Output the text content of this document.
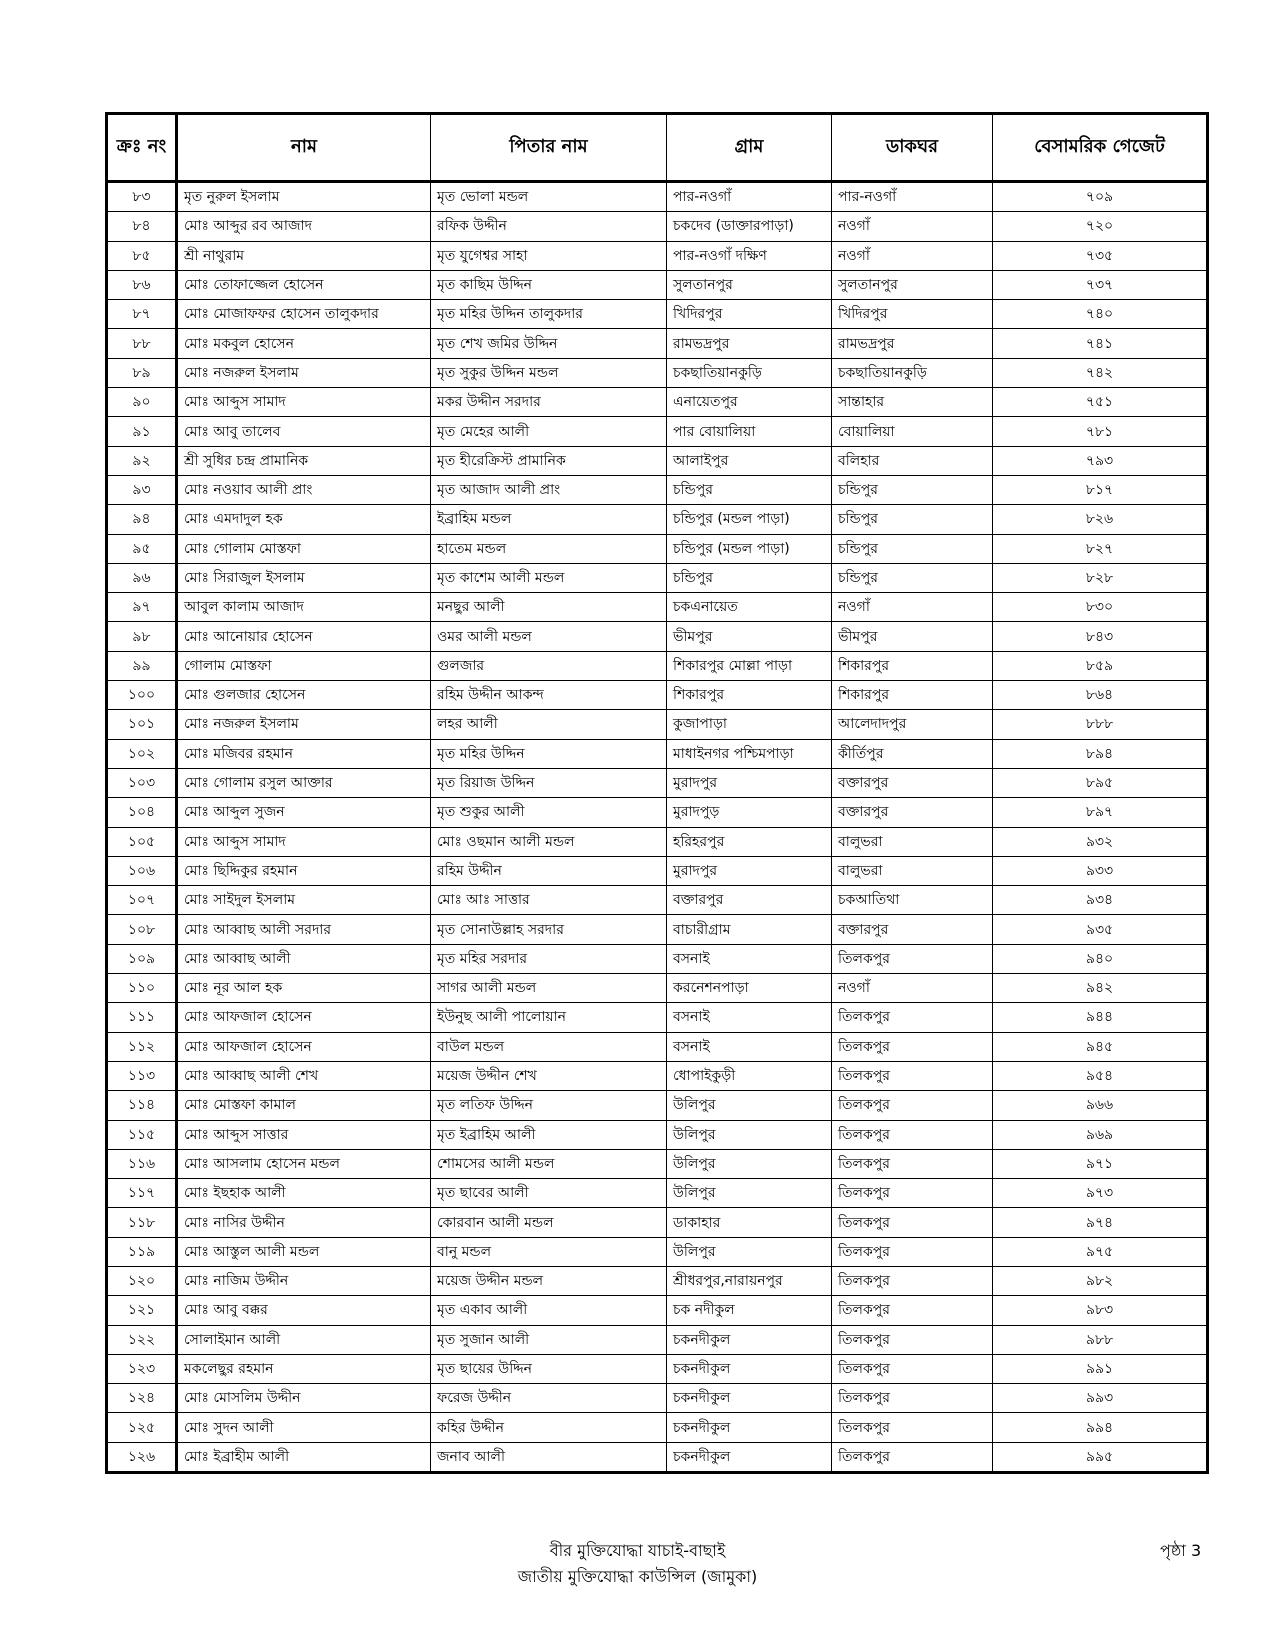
ক্রঃ নং	নাম	পিতার নাম	গ্রাম	ডাকঘর	বেসামরিক গেজেট
৮৩	মৃত নুরুল ইসলাম	মৃত ভোলা মন্ডল	পার-নওগাঁ	পার-নওগাঁ	৭০৯
৮৪	মোঃ আব্দুর রব আজাদ	রফিক উদ্দীন	চকদেব (ডাক্তারপাড়া)	নওগাঁ	৭২০
৮৫	শ্রী নাথুরাম	মৃত যুগেশ্বর সাহা	পার-নওগাঁ দক্ষিণ	নওগাঁ	৭৩৫
৮৬	মোঃ তোফাজ্জেল হোসেন	মৃত কাছিম উদ্দিন	সুলতানপুর	সুলতানপুর	৭৩৭
৮৭	মোঃ মোজাফফর হোসেন তালুকদার	মৃত মহির উদ্দিন তালুকদার	খিদিরপুর	খিদিরপুর	৭৪০
৮৮	মোঃ মকবুল হোসেন	মৃত শেখ জমির উদ্দিন	রামভদ্রপুর	রামভদ্রপুর	৭৪১
৮৯	মোঃ নজরুল ইসলাম	মৃত সুকুর উদ্দিন মন্ডল	চকছাতিয়ানকুড়ি	চকছাতিয়ানকুড়ি	৭৪২
৯০	মোঃ আব্দুস সামাদ	মকর উদ্দীন সরদার	এনায়েতপুর	সান্তাহার	৭৫১
৯১	মোঃ আবু তালেব	মৃত মেহের আলী	পার বোয়ালিয়া	বোয়ালিয়া	৭৮১
৯২	শ্রী সুধির চন্দ্র প্রামানিক	মৃত হীরেক্রিস্ট প্রামানিক	আলাইপুর	বলিহার	৭৯৩
৯৩	মোঃ নওয়াব আলী প্রাং	মৃত আজাদ আলী প্রাং	চন্ডিপুর	চন্ডিপুর	৮১৭
৯৪	মোঃ এমদাদুল হক	ইব্রাহিম মন্ডল	চন্ডিপুর (মন্ডল পাড়া)	চন্ডিপুর	৮২৬
৯৫	মোঃ গোলাম মোস্তফা	হাতেম মন্ডল	চন্ডিপুর (মন্ডল পাড়া)	চন্ডিপুর	৮২৭
৯৬	মোঃ সিরাজুল ইসলাম	মৃত কাশেম আলী মন্ডল	চন্ডিপুর	চন্ডিপুর	৮২৮
৯৭	আবুল কালাম আজাদ	মনছুর আলী	চকএনায়েত	নওগাঁ	৮৩০
৯৮	মোঃ আনোয়ার হোসেন	ওমর আলী মন্ডল	ভীমপুর	ভীমপুর	৮৪৩
৯৯	গোলাম মোস্তফা	গুলজার	শিকারপুর মোল্লা পাড়া	শিকারপুর	৮৫৯
১০০	মোঃ গুলজার হোসেন	রহিম উদ্দীন আকন্দ	শিকারপুর	শিকারপুর	৮৬৪
১০১	মোঃ নজরুল ইসলাম	লহর আলী	কুজাপাড়া	আলেদাদপুর	৮৮৮
১০২	মোঃ মজিবর রহমান	মৃত মহির উদ্দিন	মাধাইনগর পশ্চিমপাড়া	কীর্তিপুর	৮৯৪
১০৩	মোঃ গোলাম রসুল আক্তার	মৃত রিয়াজ উদ্দিন	মুরাদপুর	বক্তারপুর	৮৯৫
১০৪	মোঃ আব্দুল সুজন	মৃত শুকুর আলী	মুরাদপুড়	বক্তারপুর	৮৯৭
১০৫	মোঃ আব্দুস সামাদ	মোঃ ওছমান আলী মন্ডল	হরিহরপুর	বালুভরা	৯৩২
১০৬	মোঃ ছিদ্দিকুর রহমান	রহিম উদ্দীন	মুরাদপুর	বালুভরা	৯৩৩
১০৭	মোঃ সাইদুল ইসলাম	মোঃ আঃ সাত্তার	বক্তারপুর	চকআতিথা	৯৩৪
১০৮	মোঃ আব্বাছ আলী সরদার	মৃত সোনাউল্লাহ সরদার	বাচারীগ্রাম	বক্তারপুর	৯৩৫
১০৯	মোঃ আব্বাছ আলী	মৃত মহির সরদার	বসনাই	তিলকপুর	৯৪০
১১০	মোঃ নূর আল হক	সাগর আলী মন্ডল	করনেশনপাড়া	নওগাঁ	৯৪২
১১১	মোঃ আফজাল হোসেন	ইউনুছ আলী পালোয়ান	বসনাই	তিলকপুর	৯৪৪
১১২	মোঃ আফজাল হোসেন	বাউল মন্ডল	বসনাই	তিলকপুর	৯৪৫
১১৩	মোঃ আব্বাছ আলী শেখ	ময়েজ উদ্দীন শেখ	ধোপাইকুড়ী	তিলকপুর	৯৫৪
১১৪	মোঃ মোস্তফা কামাল	মৃত লতিফ উদ্দিন	উলিপুর	তিলকপুর	৯৬৬
১১৫	মোঃ আব্দুস সাত্তার	মৃত ইব্রাহিম আলী	উলিপুর	তিলকপুর	৯৬৯
১১৬	মোঃ আসলাম হোসেন মন্ডল	শোমসের আলী মন্ডল	উলিপুর	তিলকপুর	৯৭১
১১৭	মোঃ ইছহাক আলী	মৃত ছাবের আলী	উলিপুর	তিলকপুর	৯৭৩
১১৮	মোঃ নাসির উদ্দীন	কোরবান আলী মন্ডল	ডাকাহার	তিলকপুর	৯৭৪
১১৯	মোঃ আস্তুল আলী মন্ডল	বানু মন্ডল	উলিপুর	তিলকপুর	৯৭৫
১২০	মোঃ নাজিম উদ্দীন	ময়েজ উদ্দীন মন্ডল	শ্রীধরপুর,নারায়নপুর	তিলকপুর	৯৮২
১২১	মোঃ আবু বক্কর	মৃত একাব আলী	চক নদীকুল	তিলকপুর	৯৮৩
১২২	সোলাইমান আলী	মৃত সুজান আলী	চকনদীকুল	তিলকপুর	৯৮৮
১২৩	মকলেছুর রহমান	মৃত ছায়ের উদ্দিন	চকনদীকুল	তিলকপুর	৯৯১
১২৪	মোঃ মোসলিম উদ্দীন	ফরেজ উদ্দীন	চকনদীকুল	তিলকপুর	৯৯৩
১২৫	মোঃ সুদন আলী	কহির উদ্দীন	চকনদীকুল	তিলকপুর	৯৯৪
১২৬	মোঃ ইব্রাহীম আলী	জনাব আলী	চকনদীকুল	তিলকপুর	৯৯৫
বীর মুক্তিযোদ্ধা যাচাই-বাছাই
জাতীয় মুক্তিযোদ্ধা কাউন্সিল (জামুকা)
পৃষ্ঠা 3
